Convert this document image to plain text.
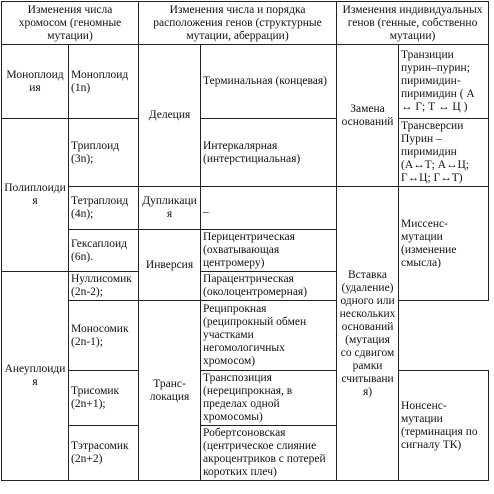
Изменения числа хромосом (геномные мутации)		Изменения числа и порядка расположения генов (структурные мутации, аберрации)		Изменения индивидуальных генов (генные, собственно мутации)	
Моноплоидия	Моноплоид (1n)	Делеция	Терминальная (концевая)	Замена оснований	Транзиции пурин–пурин; пиримидин-пиримидин ( А ↔ Г; Т ↔ Ц )
Полиплоидия	Триплоид (3n);		Интеркалярная (интерстициальная)		Трансверсии Пурин – пиримидин (А↔Т; А↔Ц; Г↔Ц; Г↔Т)
	Тетраплоид (4n);	Дупликация	_	Вставка (удаление) одного или нескольких оснований (мутация со сдвигом рамки считывания)	Миссенс-мутации (изменение смысла)
	Гексаплоид (6n).	Инверсия	Перицентрическая (охватывающая центромеру)		
Анеуплоидия	Нуллисомик (2n-2);		Парацентрическая (околоцентромерная)		
	Моносомик (2n-1);	Транс-локация	Реципрокная (реципрокный обмен участками негомологичных хромосом)		
	Трисомик (2n+1);		Транспозиция (нереципрокная, в пределах одной хромосомы)		Нонсенс-мутации (терминация по сигналу ТК)
	Тэтрасомик (2n+2)		Робертсоновская (центрическое слияние акроцентриков с потерей коротких плеч)		
